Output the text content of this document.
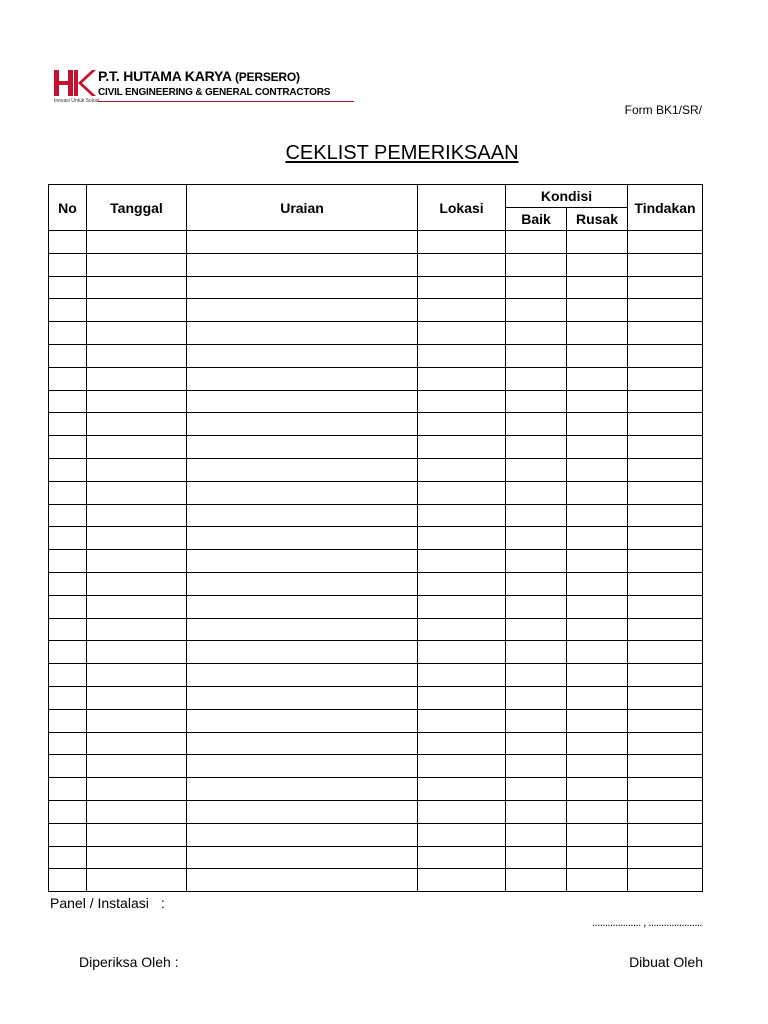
P.T. HUTAMA KARYA (PERSERO)
CIVIL ENGINEERING & GENERAL CONTRACTORS
Inovasi Untuk Solusi
Form BK1/SR/
CEKLIST PEMERIKSAAN
No	Tanggal	Uraian	Lokasi	Kondisi		Tindakan
				Baik	Rusak	

Panel / Instalasi :
................... , .....................
Diperiksa Oleh :	Dibuat Oleh
